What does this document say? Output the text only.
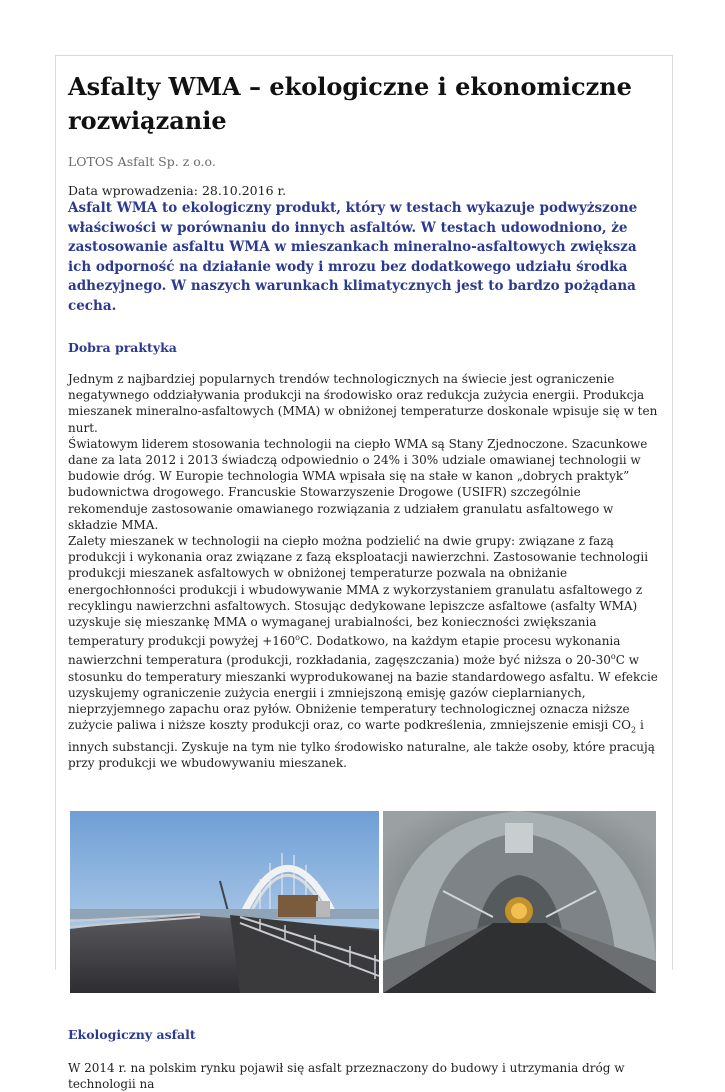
Asfalty WMA – ekologiczne i ekonomiczne rozwiązanie
LOTOS Asfalt Sp. z o.o.
Data wprowadzenia: 28.10.2016 r.
Asfalt WMA to ekologiczny produkt, który w testach wykazuje podwyższone właściwości w porównaniu do innych asfaltów. W testach udowodniono, że zastosowanie asfaltu WMA w mieszankach mineralno-asfaltowych zwiększa ich odporność na działanie wody i mrozu bez dodatkowego udziału środka adhezyjnego. W naszych warunkach klimatycznych jest to bardzo pożądana cecha.
Dobra praktyka

Jednym z najbardziej popularnych trendów technologicznych na świecie jest ograniczenie negatywnego oddziaływania produkcji na środowisko oraz redukcja zużycia energii. Produkcja mieszanek mineralno-asfaltowych (MMA) w obniżonej temperaturze doskonale wpisuje się w ten nurt.

Światowym liderem stosowania technologii na ciepło WMA są Stany Zjednoczone. Szacunkowe dane za lata 2012 i 2013 świadczą odpowiednio o 24% i 30% udziale omawianej technologii w budowie dróg. W Europie technologia WMA wpisała się na stałe w kanon „dobrych praktyk” budownictwa drogowego. Francuskie Stowarzyszenie Drogowe (USIFR) szczególnie rekomenduje zastosowanie omawianego rozwiązania z udziałem granulatu asfaltowego w składzie MMA.

Zalety mieszanek w technologii na ciepło można podzielić na dwie grupy: związane z fazą produkcji i wykonania oraz związane z fazą eksploatacji nawierzchni. Zastosowanie technologii produkcji mieszanek asfaltowych w obniżonej temperaturze pozwala na obniżanie energochłonności produkcji i wbudowywanie MMA z wykorzystaniem granulatu asfaltowego z recyklingu nawierzchni asfaltowych. Stosując dedykowane lepiszcze asfaltowe (asfalty WMA) uzyskuje się mieszankę MMA o wymaganej urabialności, bez konieczności zwiększania temperatury produkcji powyżej $+160^oC$. Dodatkowo, na każdym etapie procesu wykonania nawierzchni temperatura (produkcji, rozkładania, zagęszczania) może być niższa o 20-30$^o$C w stosunku do temperatury mieszanki wyprodukowanej na bazie standardowego asfaltu. W efekcie uzyskujemy ograniczenie zużycia energii i zmniejszoną emisję gazów cieplarnianych, nieprzyjemnego zapachu oraz pyłów. Obniżenie temperatury technologicznej oznacza niższe zużycie paliwa i niższe koszty produkcji oraz, co warte podkreślenia, zmniejszenie emisji $CO_2$ i innych substancji. Zyskuje na tym nie tylko środowisko naturalne, ale także osoby, które pracują przy produkcji we wbudowywaniu mieszanek.

Ekologiczny asfalt
W 2014 r. na polskim rynku pojawił się asfalt przeznaczony do budowy i utrzymania dróg w technologii na
